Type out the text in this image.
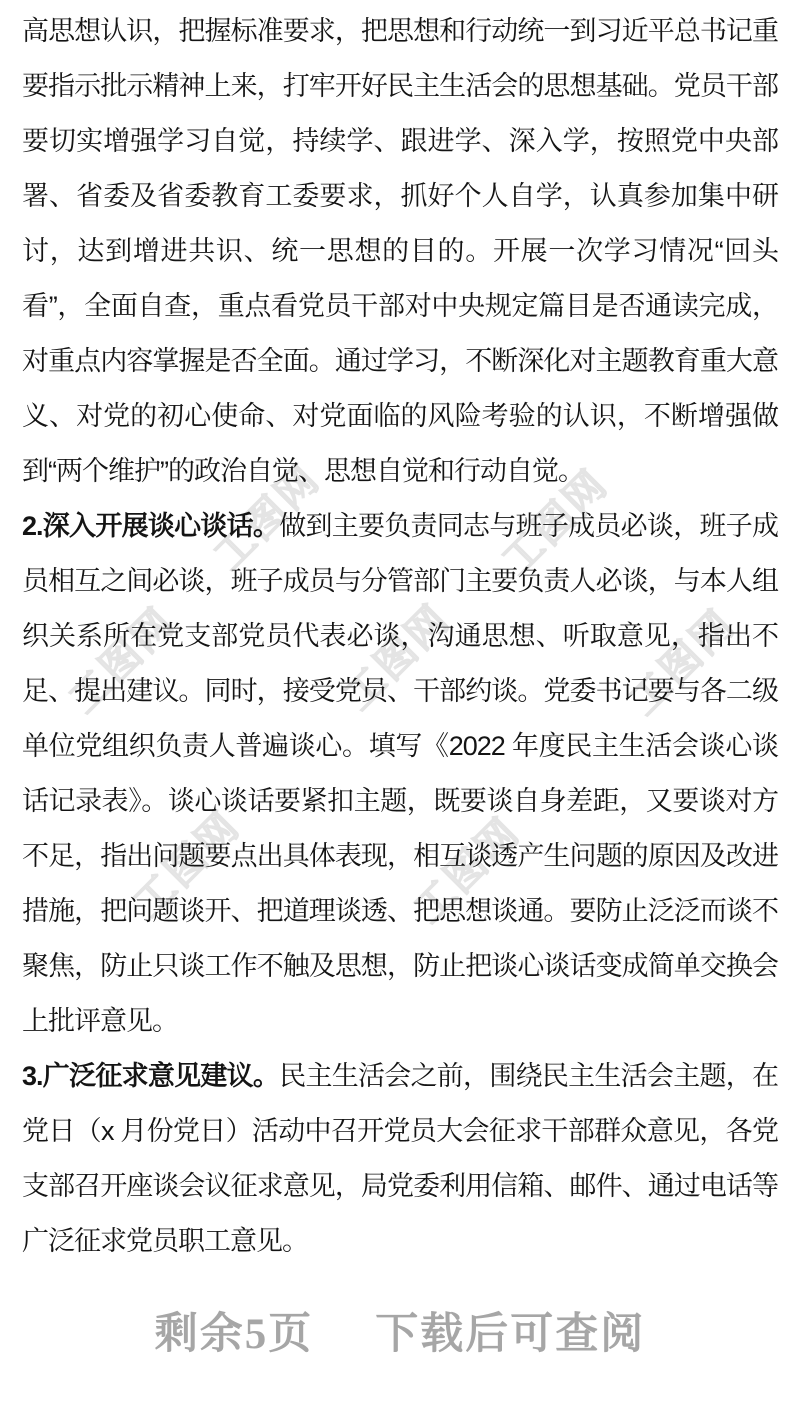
工图网	工图网
工图网	工图网	工图网
工图网	工图网

高思想认识，把握标准要求，把思想和行动统一到习近平总书记重要指示批示精神上来，打牢开好民主生活会的思想基础。党员干部要切实增强学习自觉，持续学、跟进学、深入学，按照党中央部署、省委及省委教育工委要求，抓好个人自学，认真参加集中研讨，达到增进共识、统一思想的目的。开展一次学习情况“回头看”，全面自查，重点看党员干部对中央规定篇目是否通读完成，对重点内容掌握是否全面。通过学习，不断深化对主题教育重大意义、对党的初心使命、对党面临的风险考验的认识，不断增强做到“两个维护”的政治自觉、思想自觉和行动自觉。

2.深入开展谈心谈话。做到主要负责同志与班子成员必谈，班子成员相互之间必谈，班子成员与分管部门主要负责人必谈，与本人组织关系所在党支部党员代表必谈，沟通思想、听取意见，指出不足、提出建议。同时，接受党员、干部约谈。党委书记要与各二级单位党组织负责人普遍谈心。填写《2022 年度民主生活会谈心谈话记录表》。谈心谈话要紧扣主题，既要谈自身差距，又要谈对方不足，指出问题要点出具体表现，相互谈透产生问题的原因及改进措施，把问题谈开、把道理谈透、把思想谈通。要防止泛泛而谈不聚焦，防止只谈工作不触及思想，防止把谈心谈话变成简单交换会上批评意见。

3.广泛征求意见建议。民主生活会之前，围绕民主生活会主题，在党日（x 月份党日）活动中召开党员大会征求干部群众意见，各党支部召开座谈会议征求意见，局党委利用信箱、邮件、通过电话等广泛征求党员职工意见。

剩余5页 下载后可查阅
